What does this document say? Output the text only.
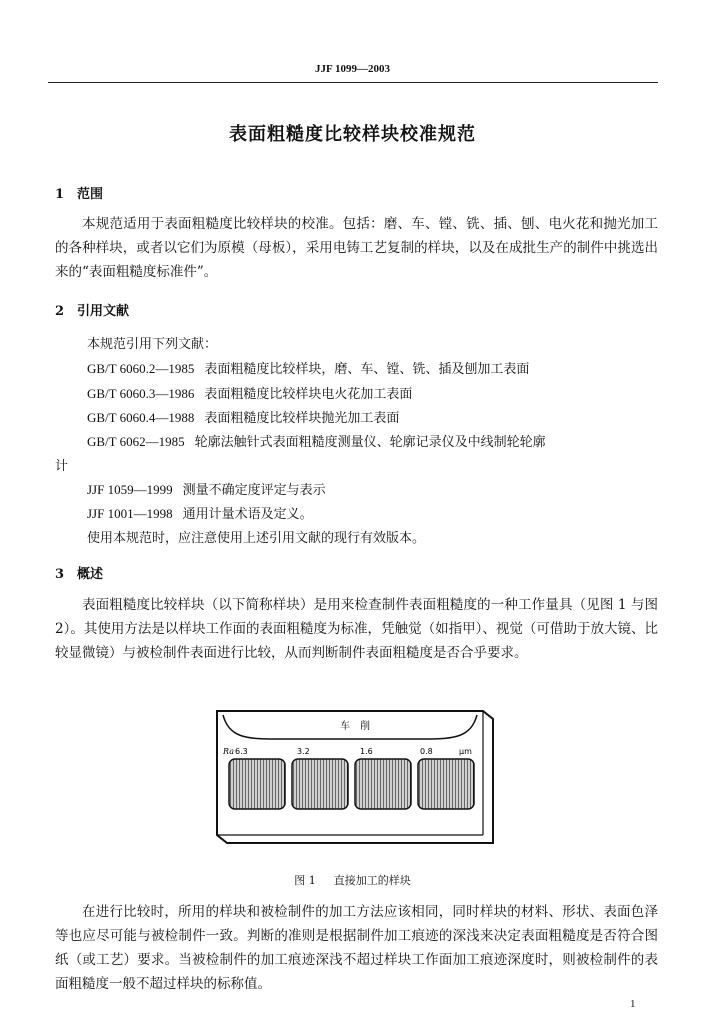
JJF 1099—2003
表面粗糙度比较样块校准规范
1 范围
本规范适用于表面粗糙度比较样块的校准。包括：磨、车、镗、铣、插、刨、电火花和抛光加工的各种样块，或者以它们为原模（母板），采用电铸工艺复制的样块，以及在成批生产的制件中挑选出来的“表面粗糙度标准件”。
2 引用文献
本规范引用下列文献：
GB/T 6060.2—1985 表面粗糙度比较样块，磨、车、镗、铣、插及刨加工表面
GB/T 6060.3—1986 表面粗糙度比较样块电火花加工表面
GB/T 6060.4—1988 表面粗糙度比较样块抛光加工表面
GB/T 6062—1985 轮廓法触针式表面粗糙度测量仪、轮廓记录仪及中线制轮轮廓
计
JJF 1059—1999 测量不确定度评定与表示
JJF 1001—1998 通用计量术语及定义。
使用本规范时，应注意使用上述引用文献的现行有效版本。
3 概述
表面粗糙度比较样块（以下简称样块）是用来检查制件表面粗糙度的一种工作量具（见图 1 与图 2）。其使用方法是以样块工作面的表面粗糙度为标准，凭触觉（如指甲）、视觉（可借助于放大镜、比较显微镜）与被检制件表面进行比较，从而判断制件表面粗糙度是否合乎要求。
车　削
Ra 6.3	3.2	1.6	0.8	μm
图 1 直接加工的样块
在进行比较时，所用的样块和被检制件的加工方法应该相同，同时样块的材料、形状、表面色泽等也应尽可能与被检制件一致。判断的准则是根据制件加工痕迹的深浅来决定表面粗糙度是否符合图纸（或工艺）要求。当被检制件的加工痕迹深浅不超过样块工作面加工痕迹深度时，则被检制件的表面粗糙度一般不超过样块的标称值。
1
